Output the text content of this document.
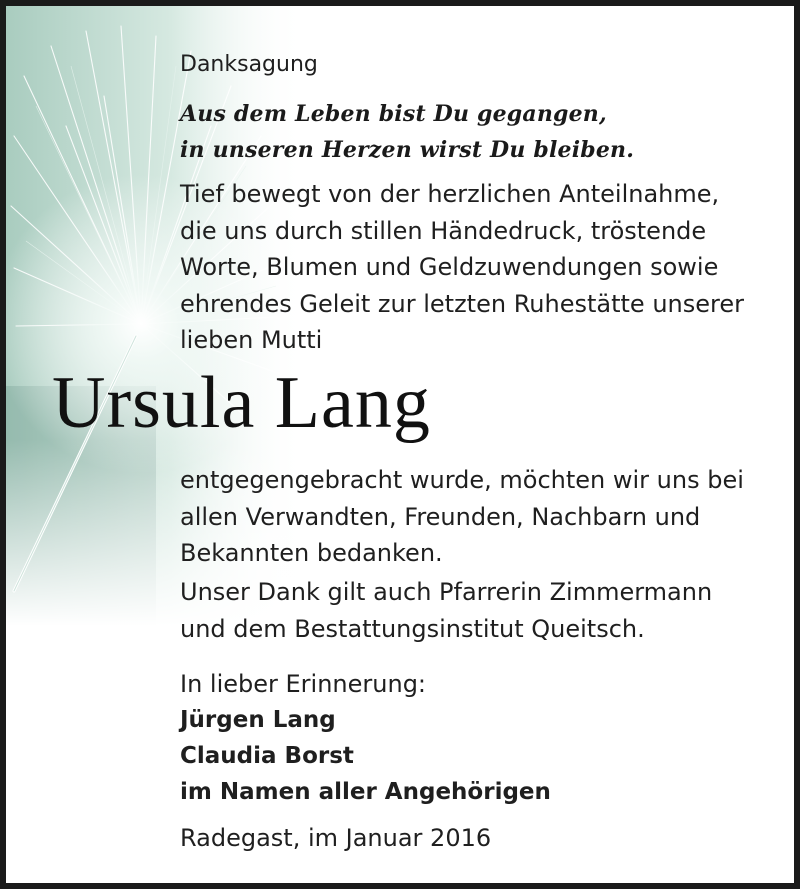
Danksagung

Aus dem Leben bist Du gegangen,
in unseren Herzen wirst Du bleiben.
Tief bewegt von der herzlichen Anteilnahme,
die uns durch stillen Händedruck, tröstende
Worte, Blumen und Geldzuwendungen sowie
ehrendes Geleit zur letzten Ruhestätte unserer
lieben Mutti
Ursula Lang
entgegengebracht wurde, möchten wir uns bei
allen Verwandten, Freunden, Nachbarn und
Bekannten bedanken.
Unser Dank gilt auch Pfarrerin Zimmermann
und dem Bestattungsinstitut Queitsch.

In lieber Erinnerung:

Jürgen Lang
Claudia Borst
im Namen aller Angehörigen

Radegast, im Januar 2016
